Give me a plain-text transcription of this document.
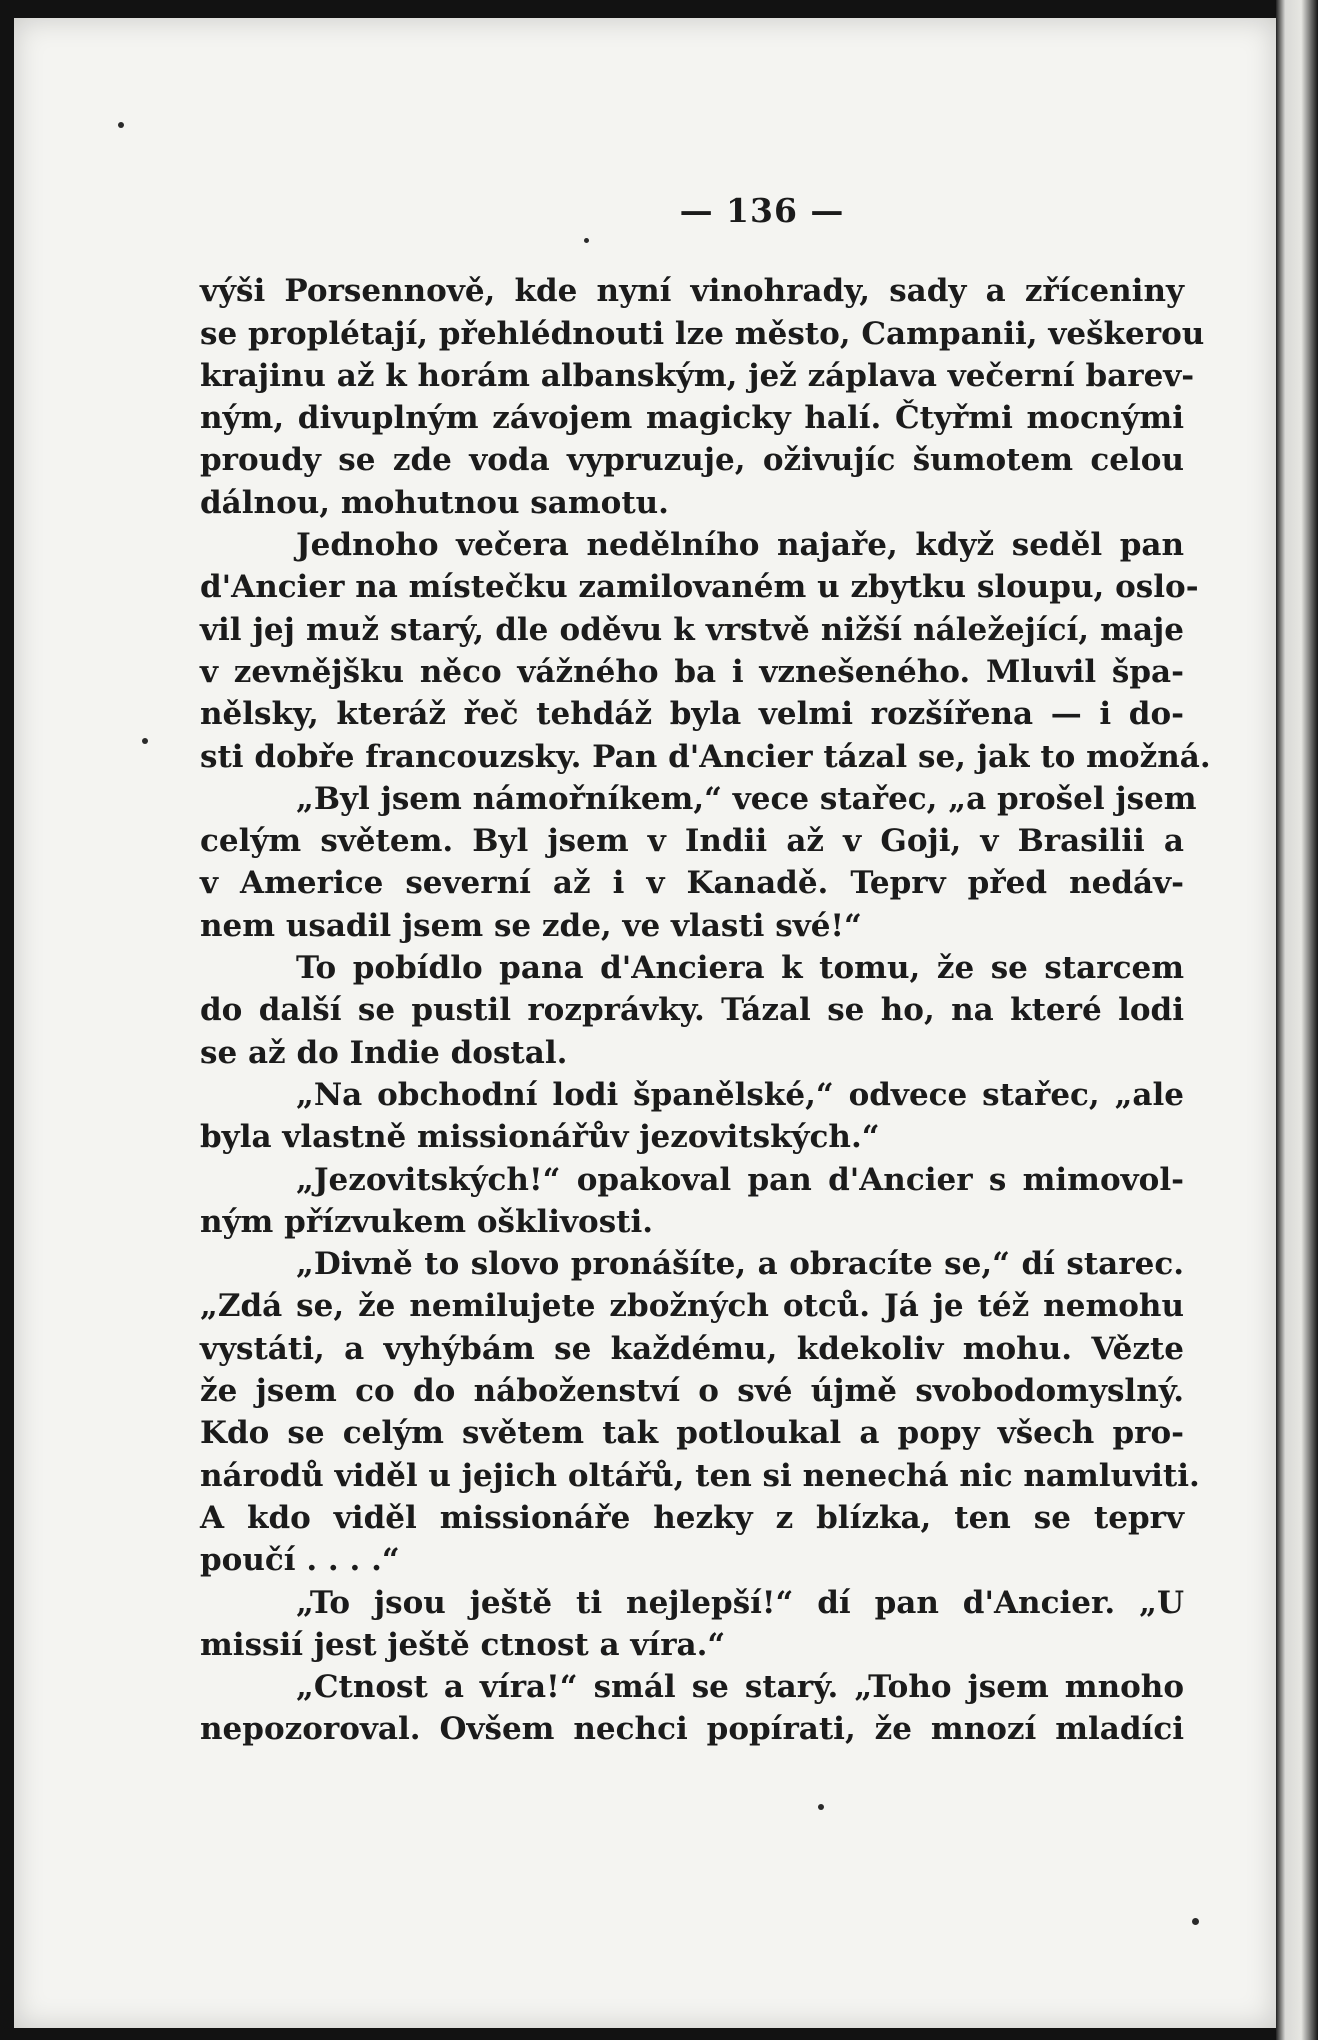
— 136 —
výši Porsennově, kde nyní vinohrady, sady a zříceniny
se proplétají, přehlédnouti lze město, Campanii, veškerou
krajinu až k horám albanským, jež záplava večerní barev-
ným, divuplným závojem magicky halí. Čtyřmi mocnými
proudy se zde voda vypruzuje, oživujíc šumotem celou
dálnou, mohutnou samotu.
Jednoho večera nedělního najaře, když seděl pan
d'Ancier na místečku zamilovaném u zbytku sloupu, oslo-
vil jej muž starý, dle oděvu k vrstvě nižší náležející, maje
v zevnějšku něco vážného ba i vznešeného. Mluvil špa-
nělsky, kteráž řeč tehdáž byla velmi rozšířena — i do-
sti dobře francouzsky. Pan d'Ancier tázal se, jak to možná.
„Byl jsem námořníkem,“ vece stařec, „a prošel jsem
celým světem. Byl jsem v Indii až v Goji, v Brasilii a
v Americe severní až i v Kanadě. Teprv před nedáv-
nem usadil jsem se zde, ve vlasti své!“
To pobídlo pana d'Anciera k tomu, že se starcem
do další se pustil rozprávky. Tázal se ho, na které lodi
se až do Indie dostal.
„Na obchodní lodi španělské,“ odvece stařec, „ale
byla vlastně missionářův jezovitských.“
„Jezovitských!“ opakoval pan d'Ancier s mimovol-
ným přízvukem ošklivosti.
„Divně to slovo pronášíte, a obracíte se,“ dí starec.
„Zdá se, že nemilujete zbožných otců. Já je též nemohu
vystáti, a vyhýbám se každému, kdekoliv mohu. Vězte
že jsem co do náboženství o své újmě svobodomyslný.
Kdo se celým světem tak potloukal a popy všech pro-
národů viděl u jejich oltářů, ten si nenechá nic namluviti.
A kdo viděl missionáře hezky z blízka, ten se teprv
poučí . . . .“
„To jsou ještě ti nejlepší!“ dí pan d'Ancier. „U
missií jest ještě ctnost a víra.“
„Ctnost a víra!“ smál se starý. „Toho jsem mnoho
nepozoroval. Ovšem nechci popírati, že mnozí mladíci
